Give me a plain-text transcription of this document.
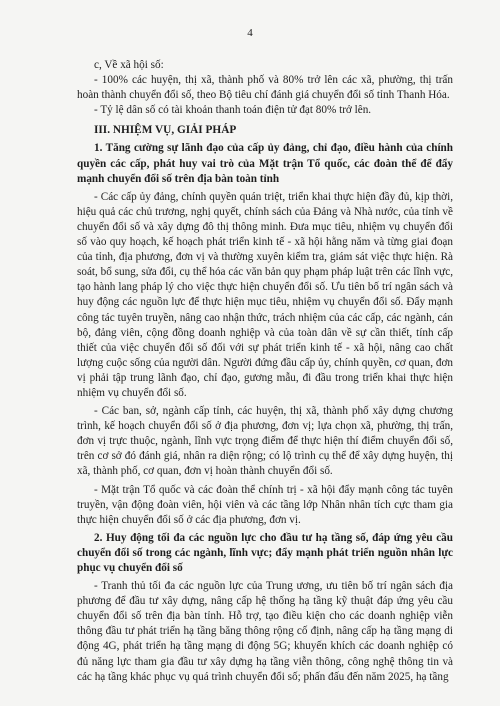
4

c, Về xã hội số:

- 100% các huyện, thị xã, thành phố và 80% trở lên các xã, phường, thị trấn hoàn thành chuyển đổi số, theo Bộ tiêu chí đánh giá chuyển đổi số tỉnh Thanh Hóa.

- Tỷ lệ dân số có tài khoản thanh toán điện tử đạt 80% trở lên.

III. NHIỆM VỤ, GIẢI PHÁP

1. Tăng cường sự lãnh đạo của cấp ủy đảng, chỉ đạo, điều hành của chính quyền các cấp, phát huy vai trò của Mặt trận Tổ quốc, các đoàn thể để đẩy mạnh chuyển đổi số trên địa bàn toàn tỉnh

- Các cấp ủy đảng, chính quyền quán triệt, triển khai thực hiện đầy đủ, kịp thời, hiệu quả các chủ trương, nghị quyết, chính sách của Đảng và Nhà nước, của tỉnh về chuyển đổi số và xây dựng đô thị thông minh. Đưa mục tiêu, nhiệm vụ chuyển đổi số vào quy hoạch, kế hoạch phát triển kinh tế - xã hội hằng năm và từng giai đoạn của tỉnh, địa phương, đơn vị và thường xuyên kiểm tra, giám sát việc thực hiện. Rà soát, bổ sung, sửa đổi, cụ thể hóa các văn bản quy phạm pháp luật trên các lĩnh vực, tạo hành lang pháp lý cho việc thực hiện chuyển đổi số. Ưu tiên bố trí ngân sách và huy động các nguồn lực để thực hiện mục tiêu, nhiệm vụ chuyển đổi số. Đẩy mạnh công tác tuyên truyền, nâng cao nhận thức, trách nhiệm của các cấp, các ngành, cán bộ, đảng viên, cộng đồng doanh nghiệp và của toàn dân về sự cần thiết, tính cấp thiết của việc chuyển đổi số đối với sự phát triển kinh tế - xã hội, nâng cao chất lượng cuộc sống của người dân. Người đứng đầu cấp ủy, chính quyền, cơ quan, đơn vị phải tập trung lãnh đạo, chỉ đạo, gương mẫu, đi đầu trong triển khai thực hiện nhiệm vụ chuyển đổi số.

- Các ban, sở, ngành cấp tỉnh, các huyện, thị xã, thành phố xây dựng chương trình, kế hoạch chuyển đổi số ở địa phương, đơn vị; lựa chọn xã, phường, thị trấn, đơn vị trực thuộc, ngành, lĩnh vực trọng điểm để thực hiện thí điểm chuyển đổi số, trên cơ sở đó đánh giá, nhân ra diện rộng; có lộ trình cụ thể để xây dựng huyện, thị xã, thành phố, cơ quan, đơn vị hoàn thành chuyển đổi số.

- Mặt trận Tổ quốc và các đoàn thể chính trị - xã hội đẩy mạnh công tác tuyên truyền, vận động đoàn viên, hội viên và các tầng lớp Nhân nhân tích cực tham gia thực hiện chuyển đổi số ở các địa phương, đơn vị.

2. Huy động tối đa các nguồn lực cho đầu tư hạ tầng số, đáp ứng yêu cầu chuyển đổi số trong các ngành, lĩnh vực; đẩy mạnh phát triển nguồn nhân lực phục vụ chuyển đổi số

- Tranh thủ tối đa các nguồn lực của Trung ương, ưu tiên bố trí ngân sách địa phương để đầu tư xây dựng, nâng cấp hệ thống hạ tầng kỹ thuật đáp ứng yêu cầu chuyển đổi số trên địa bàn tỉnh. Hỗ trợ, tạo điều kiện cho các doanh nghiệp viễn thông đầu tư phát triển hạ tầng băng thông rộng cố định, nâng cấp hạ tầng mạng di động 4G, phát triển hạ tầng mạng di động 5G; khuyến khích các doanh nghiệp có đủ năng lực tham gia đầu tư xây dựng hạ tầng viễn thông, công nghệ thông tin và các hạ tầng khác phục vụ quá trình chuyển đổi số; phấn đấu đến năm 2025, hạ tầng
